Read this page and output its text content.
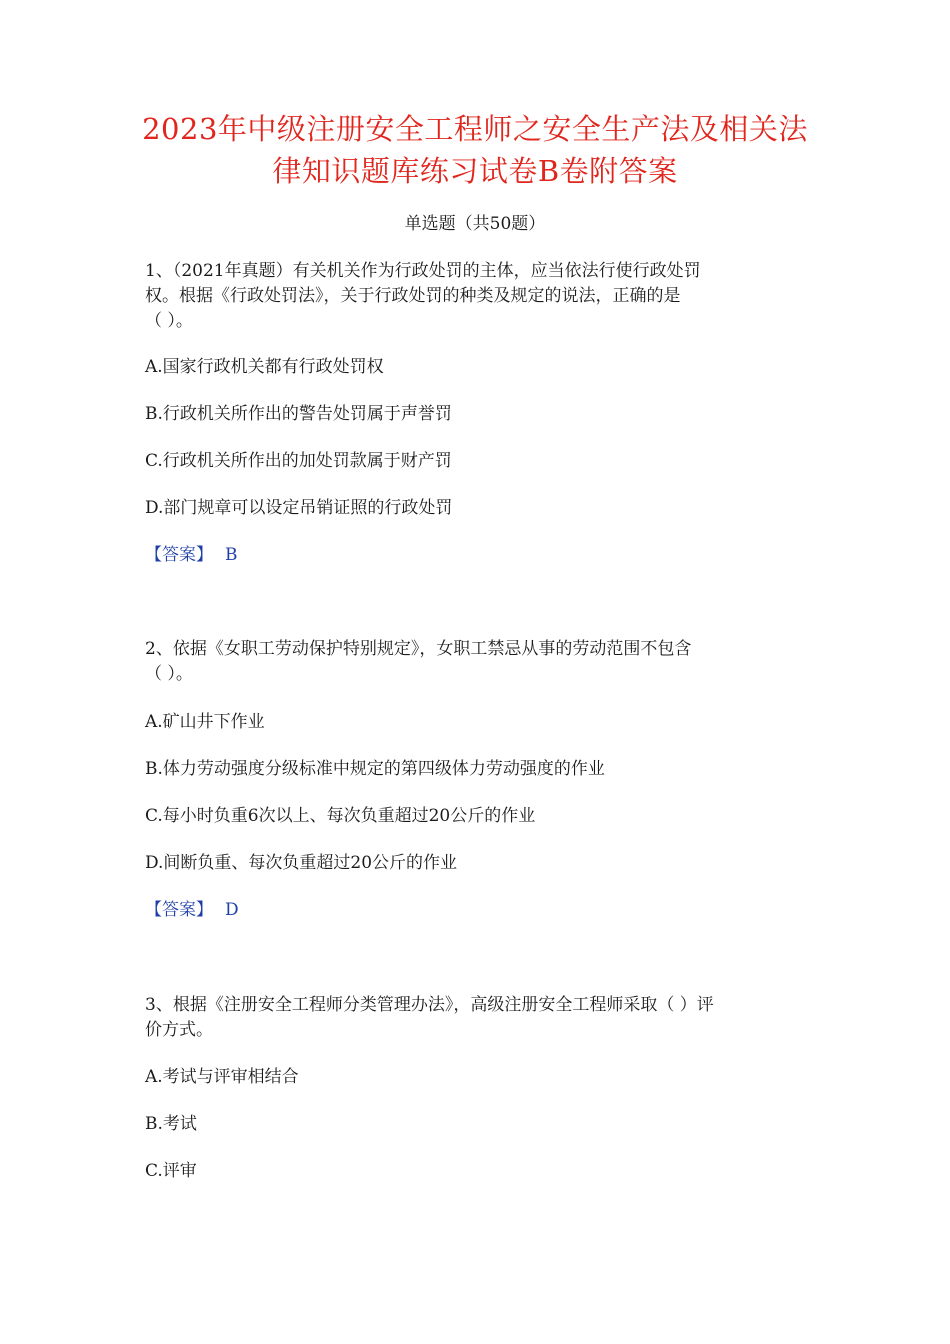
2023年中级注册安全工程师之安全生产法及相关法
律知识题库练习试卷B卷附答案
单选题（共50题）
1、（2021年真题）有关机关作为行政处罚的主体，应当依法行使行政处罚
权。根据《行政处罚法》，关于行政处罚的种类及规定的说法，正确的是
（ ）。
A.国家行政机关都有行政处罚权
B.行政机关所作出的警告处罚属于声誉罚
C.行政机关所作出的加处罚款属于财产罚
D.部门规章可以设定吊销证照的行政处罚
【答案】 B
2、依据《女职工劳动保护特别规定》，女职工禁忌从事的劳动范围不包含
（ ）。
A.矿山井下作业
B.体力劳动强度分级标准中规定的第四级体力劳动强度的作业
C.每小时负重6次以上、每次负重超过20公斤的作业
D.间断负重、每次负重超过20公斤的作业
【答案】 D
3、根据《注册安全工程师分类管理办法》，高级注册安全工程师采取（ ）评
价方式。
A.考试与评审相结合
B.考试
C.评审
